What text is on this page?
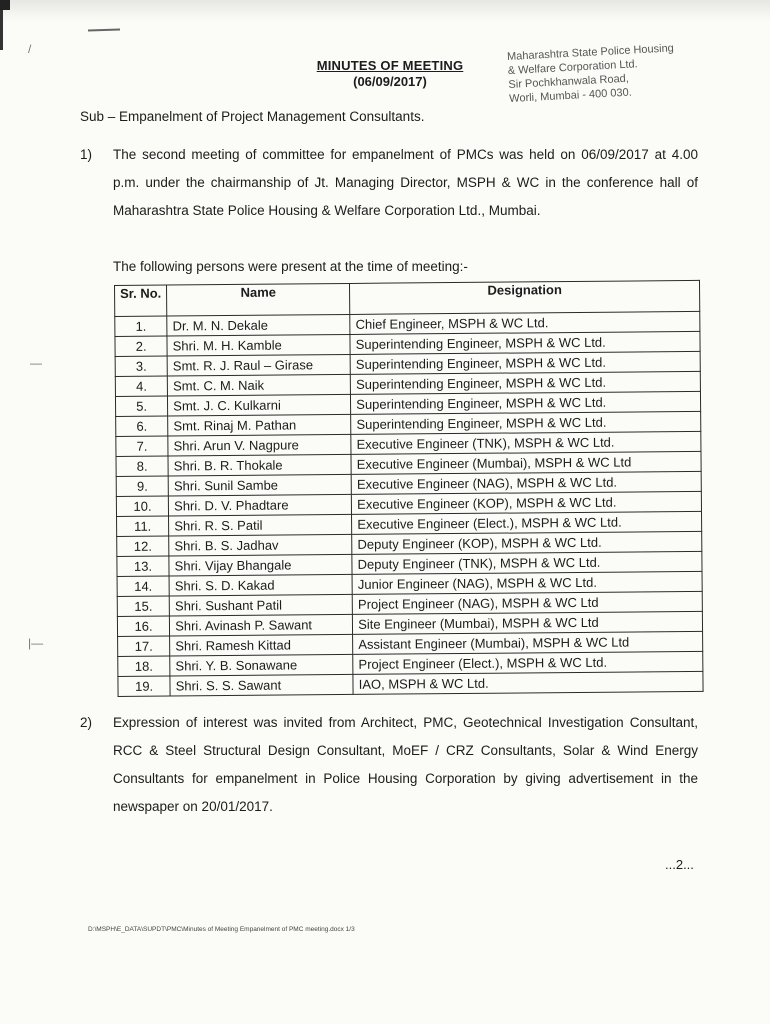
/
—
|—
MINUTES OF MEETING
(06/09/2017)
Maharashtra State Police Housing
& Welfare Corporation Ltd.
Sir Pochkhanwala Road,
Worli, Mumbai - 400 030.
Sub – Empanelment of Project Management Consultants.
1) The second meeting of committee for empanelment of PMCs was held on 06/09/2017 at 4.00 p.m. under the chairmanship of Jt. Managing Director, MSPH & WC in the conference hall of Maharashtra State Police Housing & Welfare Corporation Ltd., Mumbai.
The following persons were present at the time of meeting:-
Sr. No.	Name	Designation
1.	Dr. M. N. Dekale	Chief Engineer, MSPH & WC Ltd.
2.	Shri. M. H. Kamble	Superintending Engineer, MSPH & WC Ltd.
3.	Smt. R. J. Raul – Girase	Superintending Engineer, MSPH & WC Ltd.
4.	Smt. C. M. Naik	Superintending Engineer, MSPH & WC Ltd.
5.	Smt. J. C. Kulkarni	Superintending Engineer, MSPH & WC Ltd.
6.	Smt. Rinaj M. Pathan	Superintending Engineer, MSPH & WC Ltd.
7.	Shri. Arun V. Nagpure	Executive Engineer (TNK), MSPH & WC Ltd.
8.	Shri. B. R. Thokale	Executive Engineer (Mumbai), MSPH & WC Ltd
9.	Shri. Sunil Sambe	Executive Engineer (NAG), MSPH & WC Ltd.
10.	Shri. D. V. Phadtare	Executive Engineer (KOP), MSPH & WC Ltd.
11.	Shri. R. S. Patil	Executive Engineer (Elect.), MSPH & WC Ltd.
12.	Shri. B. S. Jadhav	Deputy Engineer (KOP), MSPH & WC Ltd.
13.	Shri. Vijay Bhangale	Deputy Engineer (TNK), MSPH & WC Ltd.
14.	Shri. S. D. Kakad	Junior Engineer (NAG), MSPH & WC Ltd.
15.	Shri. Sushant Patil	Project Engineer (NAG), MSPH & WC Ltd
16.	Shri. Avinash P. Sawant	Site Engineer (Mumbai), MSPH & WC Ltd
17.	Shri. Ramesh Kittad	Assistant Engineer (Mumbai), MSPH & WC Ltd
18.	Shri. Y. B. Sonawane	Project Engineer (Elect.), MSPH & WC Ltd.
19.	Shri. S. S. Sawant	IAO, MSPH & WC Ltd.
2) Expression of interest was invited from Architect, PMC, Geotechnical Investigation Consultant, RCC & Steel Structural Design Consultant, MoEF / CRZ Consultants, Solar & Wind Energy Consultants for empanelment in Police Housing Corporation by giving advertisement in the newspaper on 20/01/2017.
...2...
D:\MSPH\E_DATA\SUPDT\PMC\Minutes of Meeting Empanelment of PMC meeting.docx 1/3
